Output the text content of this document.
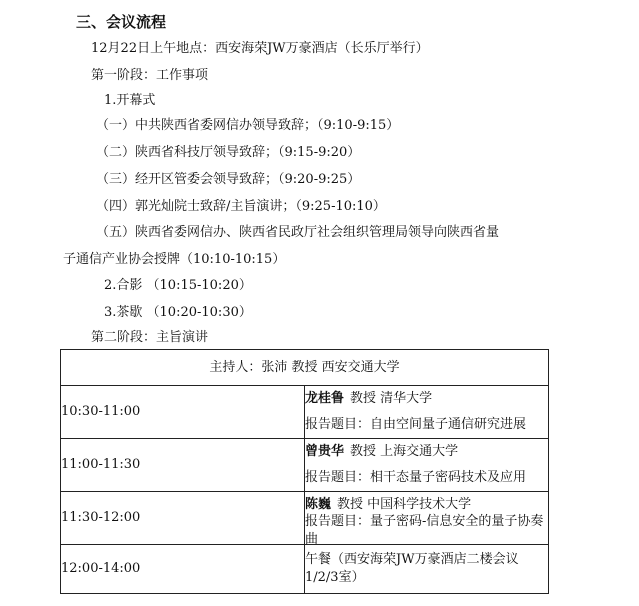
三、会议流程
12月22日上午地点：西安海荣JW万豪酒店（长乐厅举行）
第一阶段：工作事项
1.开幕式
（一）中共陕西省委网信办领导致辞；（9:10-9:15）
（二）陕西省科技厅领导致辞；（9:15-9:20）
（三）经开区管委会领导致辞；（9:20-9:25）
（四）郭光灿院士致辞/主旨演讲；（9:25-10:10）
（五）陕西省委网信办、陕西省民政厅社会组织管理局领导向陕西省量
子通信产业协会授牌（10:10-10:15）
2.合影 （10:15-10:20）
3.茶歇 （10:20-10:30）
第二阶段：主旨演讲
主持人：张沛 教授 西安交通大学	
10:30-11:00	龙桂鲁 教授 清华大学
报告题目：自由空间量子通信研究进展

11:00-11:30	曾贵华 教授 上海交通大学
报告题目：相干态量子密码技术及应用

11:30-12:00	陈巍 教授 中国科学技术大学
报告题目：量子密码-信息安全的量子协奏曲

12:00-14:00	午餐（西安海荣JW万豪酒店二楼会议1/2/3室）
